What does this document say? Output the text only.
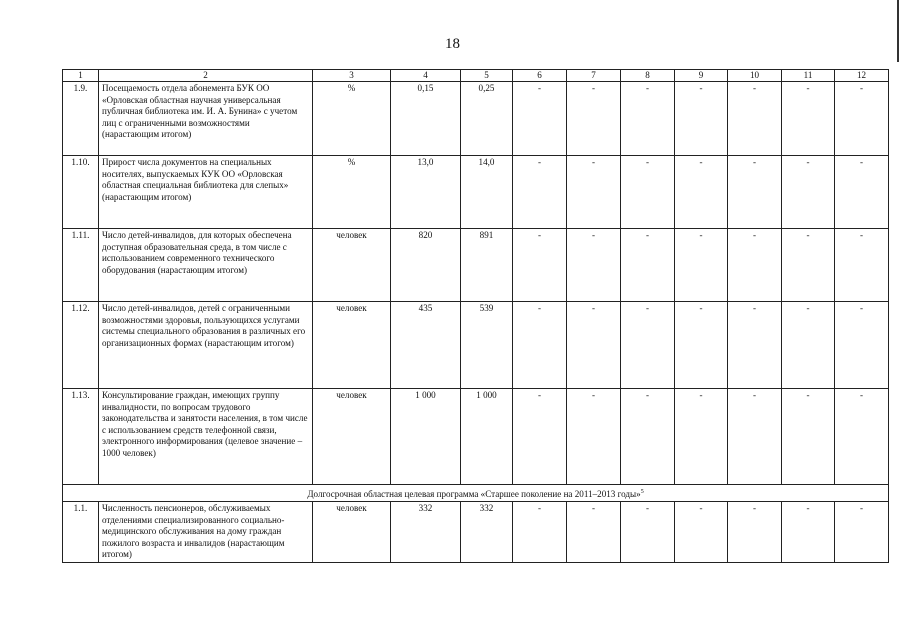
18
1	2	3	4	5	6	7	8	9	10	11	12
1.9.	Посещаемость отдела абонемента БУК ОО «Орловская областная научная универсальная публичная библиотека им. И. А. Бунина» с учетом лиц с ограниченными возможностями (нарастающим итогом)	%	0,15	0,25	-	-	-	-	-	-	-
1.10.	Прирост числа документов на специальных носителях, выпускаемых КУК ОО «Орловская областная специальная библиотека для слепых» (нарастающим итогом)	%	13,0	14,0	-	-	-	-	-	-	-
1.11.	Число детей-инвалидов, для которых обеспечена доступная образовательная среда, в том числе с использованием современного технического оборудования (нарастающим итогом)	человек	820	891	-	-	-	-	-	-	-
1.12.	Число детей-инвалидов, детей с ограниченными возможностями здоровья, пользующихся услугами системы специального образования в различных его организационных формах (нарастающим итогом)	человек	435	539	-	-	-	-	-	-	-
1.13.	Консультирование граждан, имеющих группу инвалидности, по вопросам трудового законодательства и занятости населения, в том числе с использованием средств телефонной связи, электронного информирования (целевое значение – 1000 человек)	человек	1 000	1 000	-	-	-	-	-	-	-
Долгосрочная областная целевая программа «Старшее поколение на 2011–2013 годы»$^5$
1.1.	Численность пенсионеров, обслуживаемых отделениями специализированного социально-медицинского обслуживания на дому граждан пожилого возраста и инвалидов (нарастающим итогом)	человек	332	332	-	-	-	-	-	-	-
